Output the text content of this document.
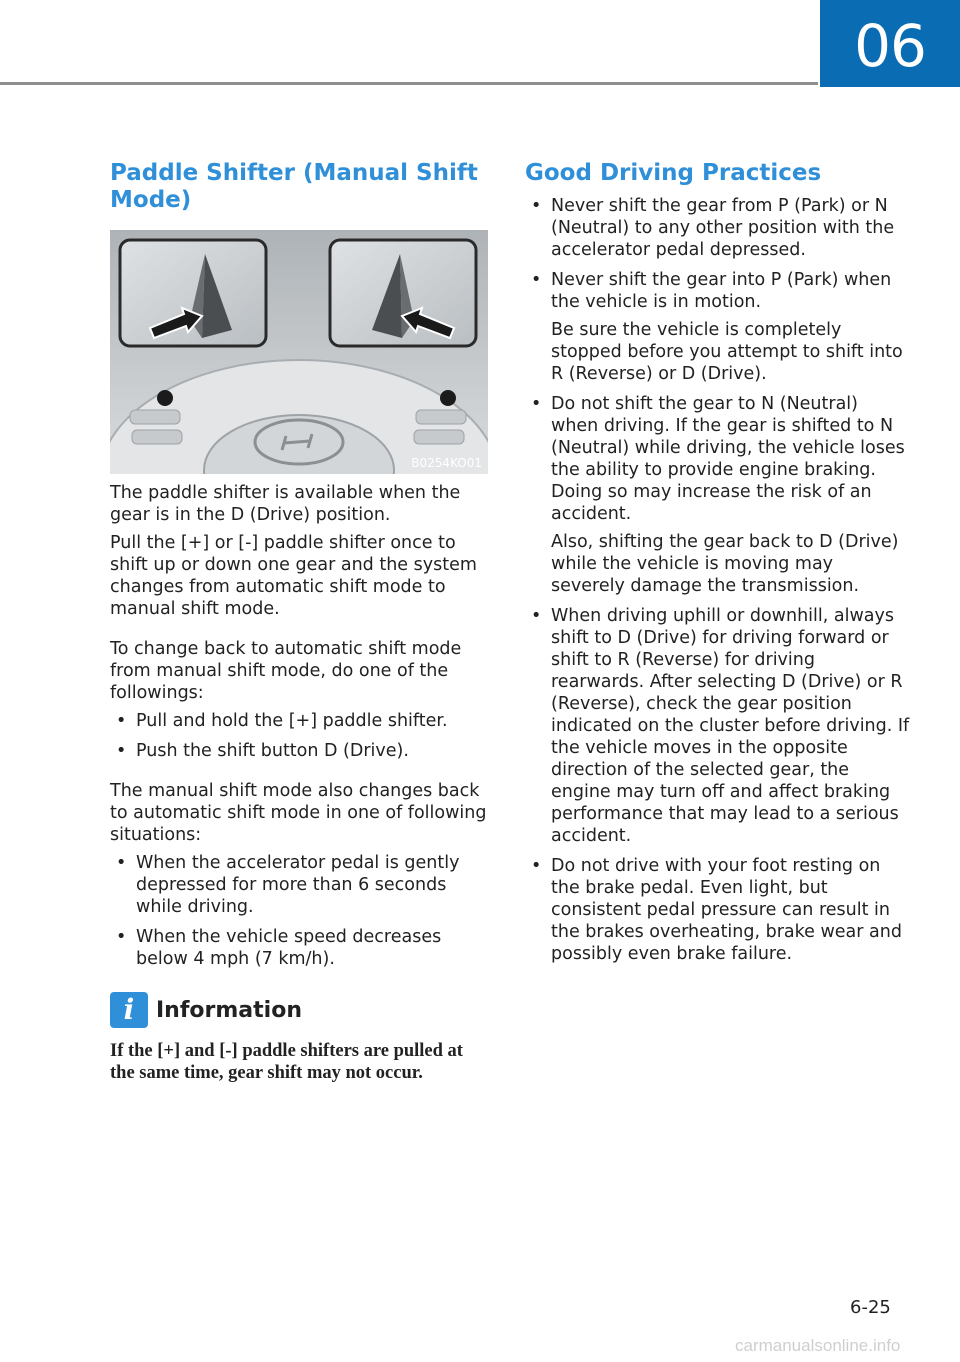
06
Paddle Shifter (Manual Shift Mode)
B0254KO01

The paddle shifter is available when the gear is in the D (Drive) position.

Pull the [+] or [-] paddle shifter once to shift up or down one gear and the system changes from automatic shift mode to manual shift mode.

To change back to automatic shift mode from manual shift mode, do one of the followings:

• Pull and hold the [+] paddle shifter.
• Push the shift button D (Drive).

The manual shift mode also changes back to automatic shift mode in one of following situations:

• When the accelerator pedal is gently depressed for more than 6 seconds while driving.
• When the vehicle speed decreases below 4 mph (7 km/h).
i Information
If the [+] and [-] paddle shifters are pulled at the same time, gear shift may not occur.
Good Driving Practices
• Never shift the gear from P (Park) or N (Neutral) to any other position with the accelerator pedal depressed.
• Never shift the gear into P (Park) when the vehicle is in motion.
Be sure the vehicle is completely stopped before you attempt to shift into R (Reverse) or D (Drive).
• Do not shift the gear to N (Neutral) when driving. If the gear is shifted to N (Neutral) while driving, the vehicle loses the ability to provide engine braking. Doing so may increase the risk of an accident.
Also, shifting the gear back to D (Drive) while the vehicle is moving may severely damage the transmission.
• When driving uphill or downhill, always shift to D (Drive) for driving forward or shift to R (Reverse) for driving rearwards. After selecting D (Drive) or R (Reverse), check the gear position indicated on the cluster before driving. If the vehicle moves in the opposite direction of the selected gear, the engine may turn off and affect braking performance that may lead to a serious accident.
• Do not drive with your foot resting on the brake pedal. Even light, but consistent pedal pressure can result in the brakes overheating, brake wear and possibly even brake failure.
6-25
carmanualsonline.info
